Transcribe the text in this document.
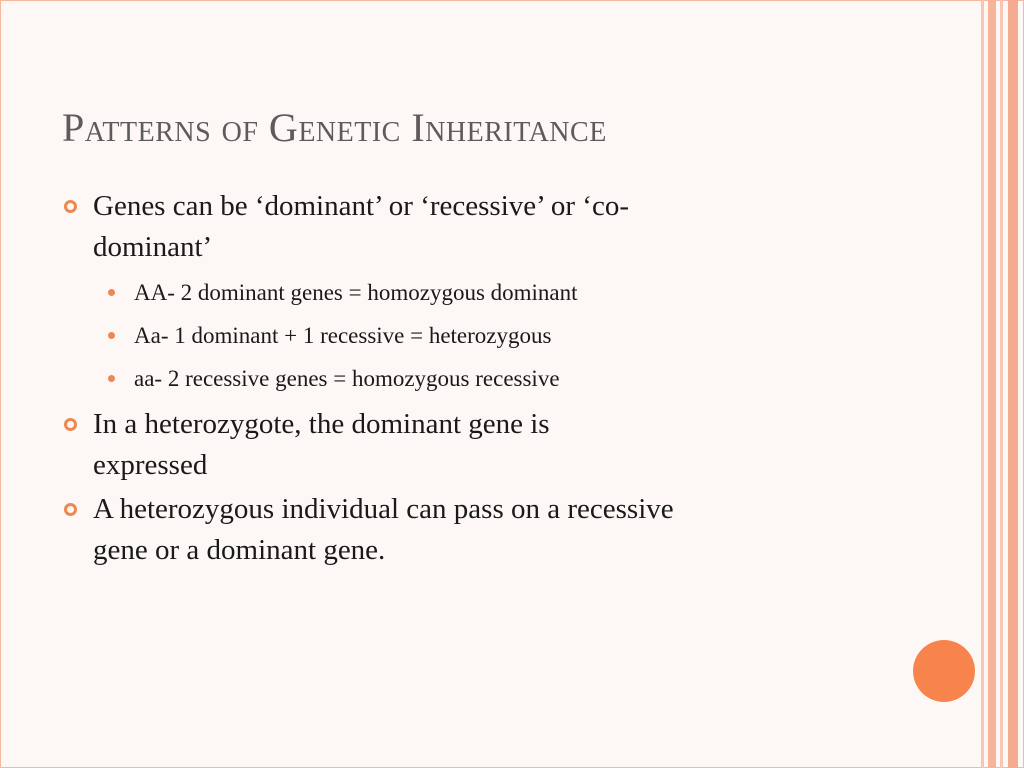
Patterns of Genetic Inheritance
Genes can be ‘dominant’ or ‘recessive’ or ‘co-
dominant’
AA- 2 dominant genes = homozygous dominant
Aa- 1 dominant + 1 recessive = heterozygous
aa- 2 recessive genes = homozygous recessive
In a heterozygote, the dominant gene is
expressed
A heterozygous individual can pass on a recessive
gene or a dominant gene.
